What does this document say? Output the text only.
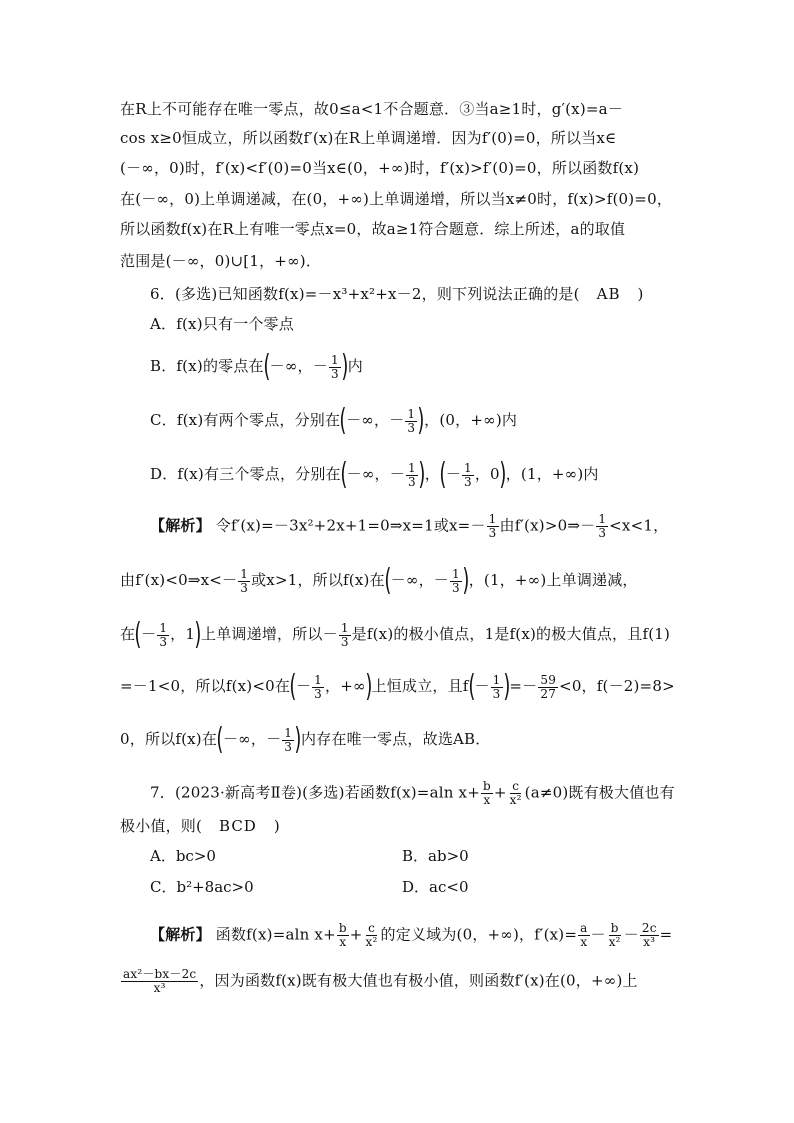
在R上不可能存在唯一零点，故0≤a<1不合题意．③当a≥1时，g′(x)=a－
cos x≥0恒成立，所以函数f′(x)在R上单调递增．因为f′(0)=0，所以当x∈
(－∞，0)时，f′(x)<f′(0)=0当x∈(0，+∞)时，f′(x)>f′(0)=0，所以函数f(x)
在(－∞，0)上单调递减，在(0，+∞)上单调递增，所以当x≠0时，f(x)>f(0)=0，
所以函数f(x)在R上有唯一零点x=0，故a≥1符合题意．综上所述，a的取值
范围是(－∞，0)∪[1，+∞)．
6．(多选)已知函数f(x)=－x³+x²+x－2，则下列说法正确的是( AB )
A．f(x)只有一个零点
B．f(x)的零点在(－∞，－ $\frac{1}{3}$ )内
C．f(x)有两个零点，分别在(－∞，－ $\frac{1}{3}$ )，(0，+∞)内
D．f(x)有三个零点，分别在(－∞，－ $\frac{1}{3}$ )，(－ $\frac{1}{3}$ ，0)，(1，+∞)内
【解析】 令f′(x)=－3x²+2x+1=0⇒x=1或$x=- \frac{1}{3}$ 由f′(x)>0⇒－ $\frac{1}{3} <x<1$，
由f′(x)<0⇒x<－ $\frac{1}{3}$ 或x>1，所以f(x)在(－∞，－ $\frac{1}{3}$ )，(1，+∞)上单调递减，
在(－ $\frac{1}{3}$ ，1)上单调递增，所以－ $\frac{1}{3}$ 是f(x)的极小值点，1是f(x)的极大值点，且f(1)
=－1<0，所以f(x)<0在(－ $\frac{1}{3}$ ，+∞)上恒成立，且$f(- \frac{1}{3}$ )=－ $\frac{59}{27} <0$，f(－2)=8>
0，所以f(x)在(－∞，－ $\frac{1}{3}$ )内存在唯一零点，故选AB．
7．(2023·新高考Ⅱ卷)(多选)若函数f(x)=aln $x+ \frac{b}{x} + \frac{c}{\text{x²}} (a\ne 0)$既有极大值也有
极小值，则( BCD )
A．bc>0	B．ab>0
C．b²+8ac>0	D．ac<0
【解析】 函数f(x)=aln $x+ \frac{b}{x} + \frac{c}{\text{x²}}$ 的定义域为(0，+∞)，$f'(x)= \frac{a}{x} - \frac{b}{\text{x²}} - \frac{2c}{\text{x³}}$ =
$\frac{\text{ax²－bx－2c}}{\text{x³}}$ ，因为函数f(x)既有极大值也有极小值，则函数f′(x)在(0，+∞)上
